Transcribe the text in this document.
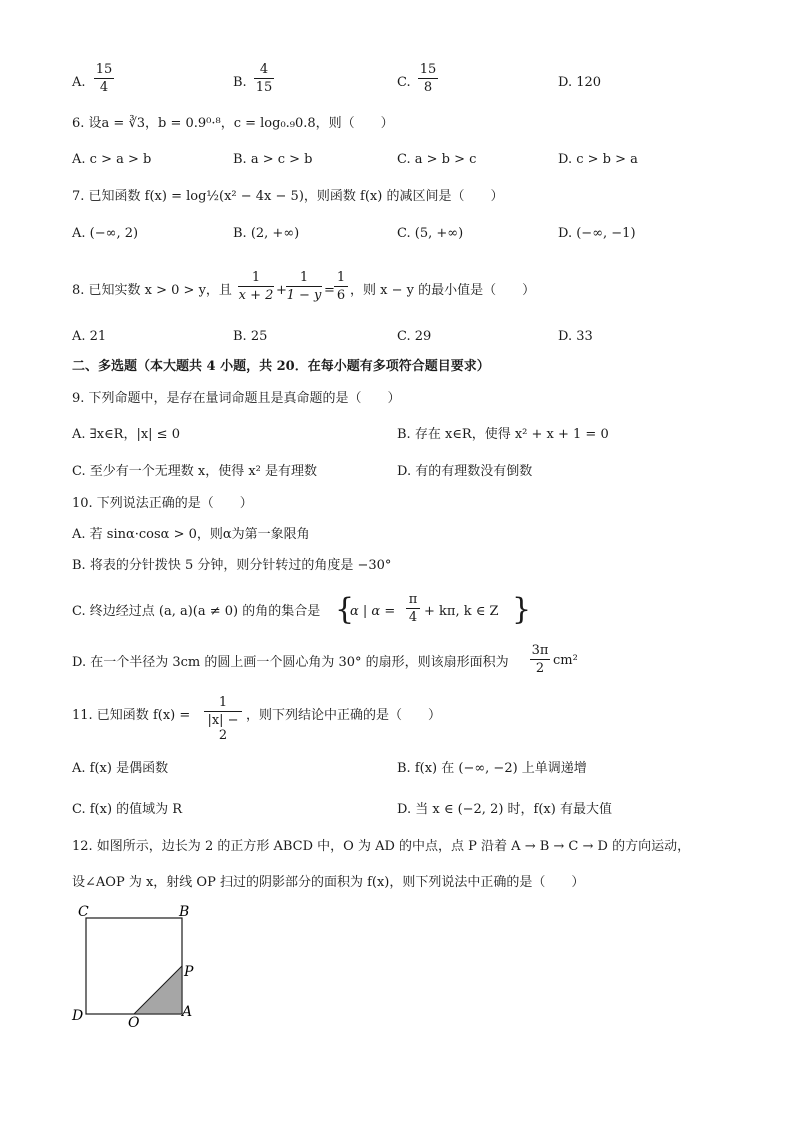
A.
15
4	B.
4
15	C.
15
8	D. 120
6. 设a = ∛3，b = 0.9⁰·⁸，c = log₀.₉0.8，则（　　）
A. c > a > b	B. a > c > b	C. a > b > c	D. c > b > a
7. 已知函数 f(x) = log½(x² − 4x − 5)，则函数 f(x) 的减区间是（　　）
A. (−∞, 2)	B. (2, +∞)	C. (5, +∞)	D. (−∞, −1)
8. 已知实数 x > 0 > y，且
1
x + 2 +
1
1 − y =
1
6 ，则 x − y 的最小值是（　　）
A. 21	B. 25	C. 29	D. 33
二、多选题（本大题共 4 小题，共 20．在每小题有多项符合题目要求）
9. 下列命题中，是存在量词命题且是真命题的是（　　）
A. ∃x∈R，|x| ≤ 0	B. 存在 x∈R，使得 x² + x + 1 = 0
C. 至少有一个无理数 x，使得 x² 是有理数	D. 有的有理数没有倒数
10. 下列说法正确的是（　　）
A. 若 sinα·cosα > 0，则α为第一象限角
B. 将表的分针拨快 5 分钟，则分针转过的角度是 −30°
C. 终边经过点 (a, a)(a ≠ 0) 的角的集合是 {
α | α =
π
4 + kπ, k ∈ Z }
D. 在一个半径为 3cm 的圆上画一个圆心角为 30° 的扇形，则该扇形面积为
3π
2
cm²
11. 已知函数 f(x) =
1
|x| − 2
，则下列结论中正确的是（　　）
A. f(x) 是偶函数	B. f(x) 在 (−∞, −2) 上单调递增
C. f(x) 的值域为 R	D. 当 x ∈ (−2, 2) 时，f(x) 有最大值
12. 如图所示，边长为 2 的正方形 ABCD 中，O 为 AD 的中点，点 P 沿着 A → B → C → D 的方向运动，
设∠AOP 为 x，射线 OP 扫过的阴影部分的面积为 f(x)，则下列说法中正确的是（　　）
C	B
P
D	O
A
